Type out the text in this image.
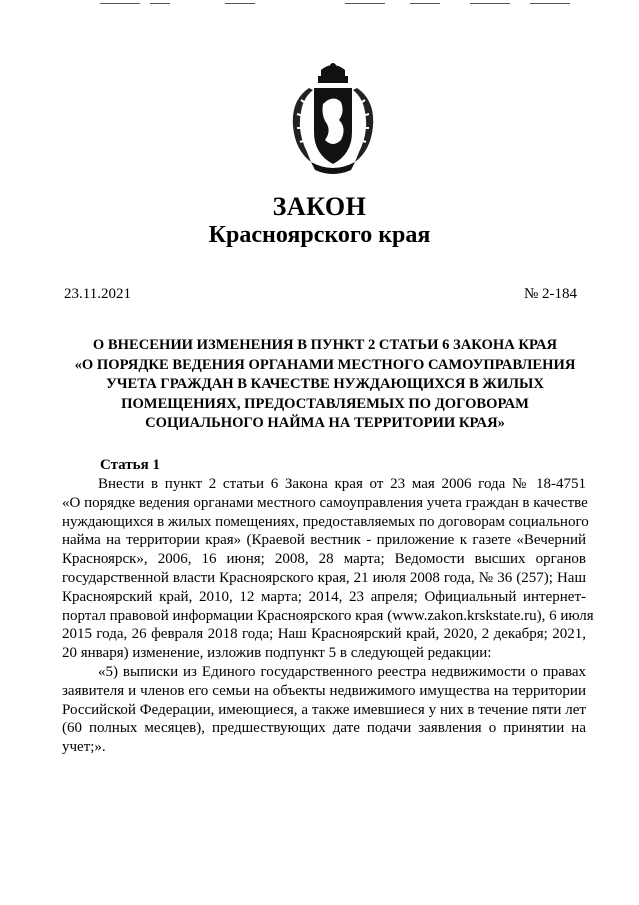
ЗАКОН
Красноярского края
23.11.2021	№ 2-184
О ВНЕСЕНИИ ИЗМЕНЕНИЯ В ПУНКТ 2 СТАТЬИ 6 ЗАКОНА КРАЯ
«О ПОРЯДКЕ ВЕДЕНИЯ ОРГАНАМИ МЕСТНОГО САМОУПРАВЛЕНИЯ
УЧЕТА ГРАЖДАН В КАЧЕСТВЕ НУЖДАЮЩИХСЯ В ЖИЛЫХ
ПОМЕЩЕНИЯХ, ПРЕДОСТАВЛЯЕМЫХ ПО ДОГОВОРАМ
СОЦИАЛЬНОГО НАЙМА НА ТЕРРИТОРИИ КРАЯ»
Статья 1
Внести в пункт 2 статьи 6 Закона края от 23 мая 2006 года № 18-4751
«О порядке ведения органами местного самоуправления учета граждан в качестве
нуждающихся в жилых помещениях, предоставляемых по договорам социального
найма на территории края» (Краевой вестник - приложение к газете «Вечерний
Красноярск», 2006, 16 июня; 2008, 28 марта; Ведомости высших органов
государственной власти Красноярского края, 21 июля 2008 года, № 36 (257); Наш
Красноярский край, 2010, 12 марта; 2014, 23 апреля; Официальный интернет-
портал правовой информации Красноярского края (www.zakon.krskstate.ru), 6 июля
2015 года, 26 февраля 2018 года; Наш Красноярский край, 2020, 2 декабря; 2021,
20 января) изменение, изложив подпункт 5 в следующей редакции:
«5) выписки из Единого государственного реестра недвижимости о правах
заявителя и членов его семьи на объекты недвижимого имущества на территории
Российской Федерации, имеющиеся, а также имевшиеся у них в течение пяти лет
(60 полных месяцев), предшествующих дате подачи заявления о принятии на
учет;».
